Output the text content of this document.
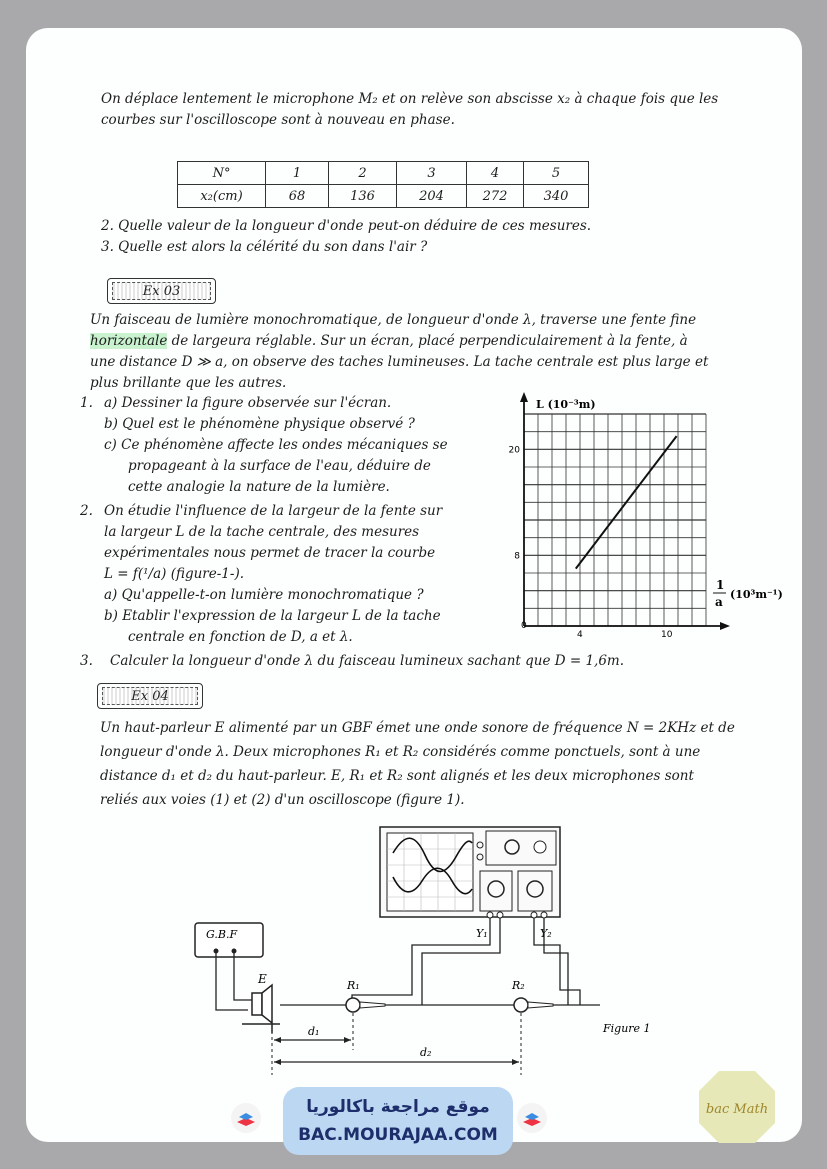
On déplace lentement le microphone M₂ et on relève son abscisse x₂ à chaque fois que les
courbes sur l'oscilloscope sont à nouveau en phase.
N°	1	2	3	4	5
x₂(cm)	68	136	204	272	340
2. Quelle valeur de la longueur d'onde peut-on déduire de ces mesures.
3. Quelle est alors la célérité du son dans l'air ?
Ex 03
Un faisceau de lumière monochromatique, de longueur d'onde λ, traverse une fente fine
horizontale de largeura réglable. Sur un écran, placé perpendiculairement à la fente, à
une distance D ≫ a, on observe des taches lumineuses. La tache centrale est plus large et
plus brillante que les autres.
1. a) Dessiner la figure observée sur l'écran.
b) Quel est le phénomène physique observé ?
c) Ce phénomène affecte les ondes mécaniques se
propageant à la surface de l'eau, déduire de
cette analogie la nature de la lumière.
2. On étudie l'influence de la largeur de la fente sur
la largeur L de la tache centrale, des mesures
expérimentales nous permet de tracer la courbe
L = f(¹/a) (figure-1-).
a) Qu'appelle-t-on lumière monochromatique ?
b) Etablir l'expression de la largeur L de la tache
centrale en fonction de D, a et λ.
3.	Calculer la longueur d'onde λ du faisceau lumineux sachant que D = 1,6m.
L (10⁻³m)
1
a
(10³m⁻¹)
0
4	10
8
20
Ex 04
Un haut-parleur E alimenté par un GBF émet une onde sonore de fréquence N = 2KHz et de
longueur d'onde λ. Deux microphones R₁ et R₂ considérés comme ponctuels, sont à une
distance d₁ et d₂ du haut-parleur. E, R₁ et R₂ sont alignés et les deux microphones sont
reliés aux voies (1) et (2) d'un oscilloscope (figure 1).
Y₁	Y₂
G.B.F
E	R₁	R₂
d₁
d₂
Figure 1
موقع مراجعة باكالوريا
BAC.MOURAJAA.COM
bac Math
